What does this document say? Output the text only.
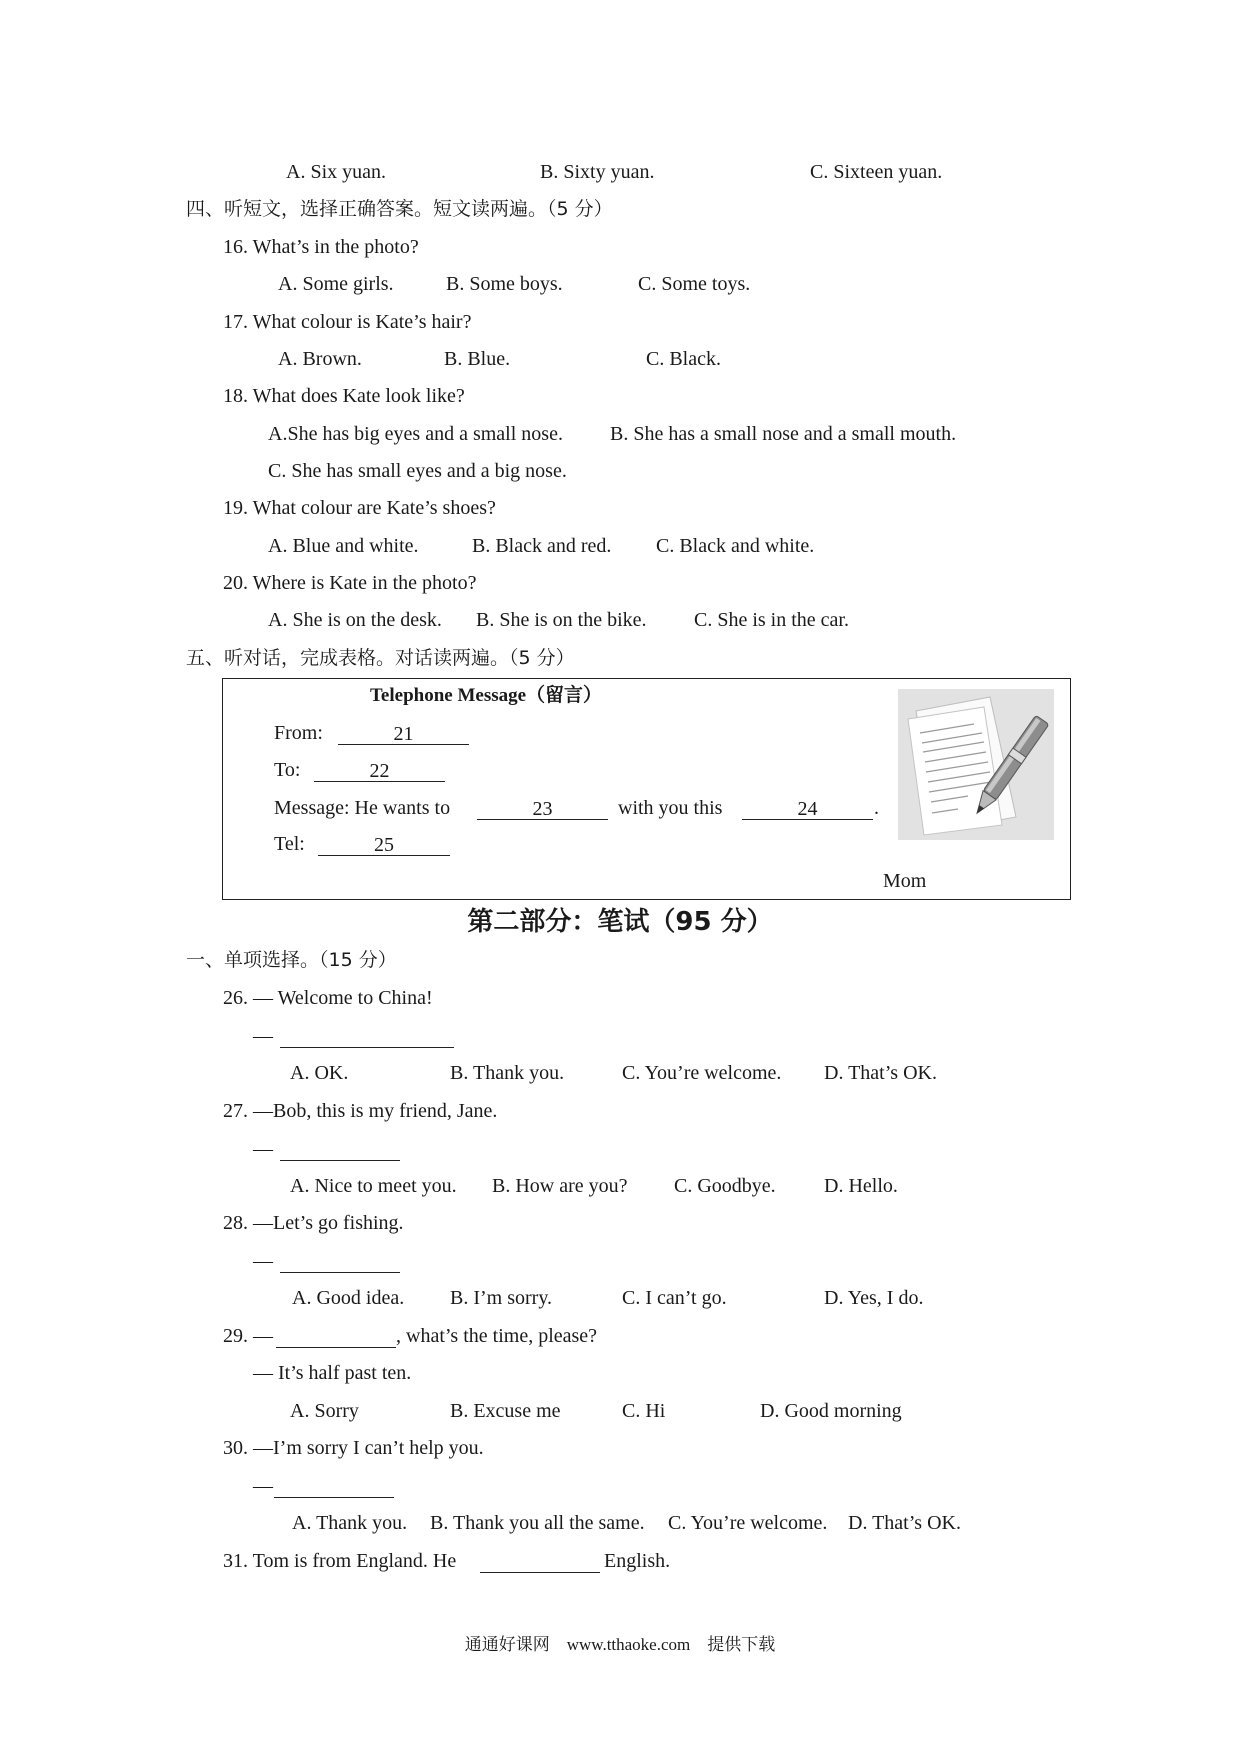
A. Six yuan.	B. Sixty yuan.	C. Sixteen yuan.
四、听短文，选择正确答案。短文读两遍。（5 分）
16. What’s in the photo?
A. Some girls.	B. Some boys.	C. Some toys.
17. What colour is Kate’s hair?
A. Brown.	B. Blue.	C. Black.
18. What does Kate look like?
A.She has big eyes and a small nose. B. She has a small nose and a small mouth.
C. She has small eyes and a big nose.
19. What colour are Kate’s shoes?
A. Blue and white.	B. Black and red. C. Black and white.
20. Where is Kate in the photo?
A. She is on the desk. B. She is on the bike. C. She is in the car.
五、听对话，完成表格。对话读两遍。（5 分）
Telephone Message（留言）
From:	21
To:	22
Message: He wants to	23	with you this	24	.
Tel:	25
Mom
第二部分：笔试（95 分）
一、单项选择。（15 分）
26. — Welcome to China!
—
A. OK.	B. Thank you.	C. You’re welcome. D. That’s OK.
27. —Bob, this is my friend, Jane.
—
A. Nice to meet you. B. How are you? C. Goodbye. D. Hello.
28. —Let’s go fishing.
—
A. Good idea. B. I’m sorry.	C. I can’t go.	D. Yes, I do.
29. —	, what’s the time, please?
— It’s half past ten.
A. Sorry	B. Excuse me	C. Hi	D. Good morning
30. —I’m sorry I can’t help you.
—
A. Thank you. B. Thank you all the same. C. You’re welcome. D. That’s OK.
31. Tom is from England. He	English.
通通好课网　www.tthaoke.com　提供下载
